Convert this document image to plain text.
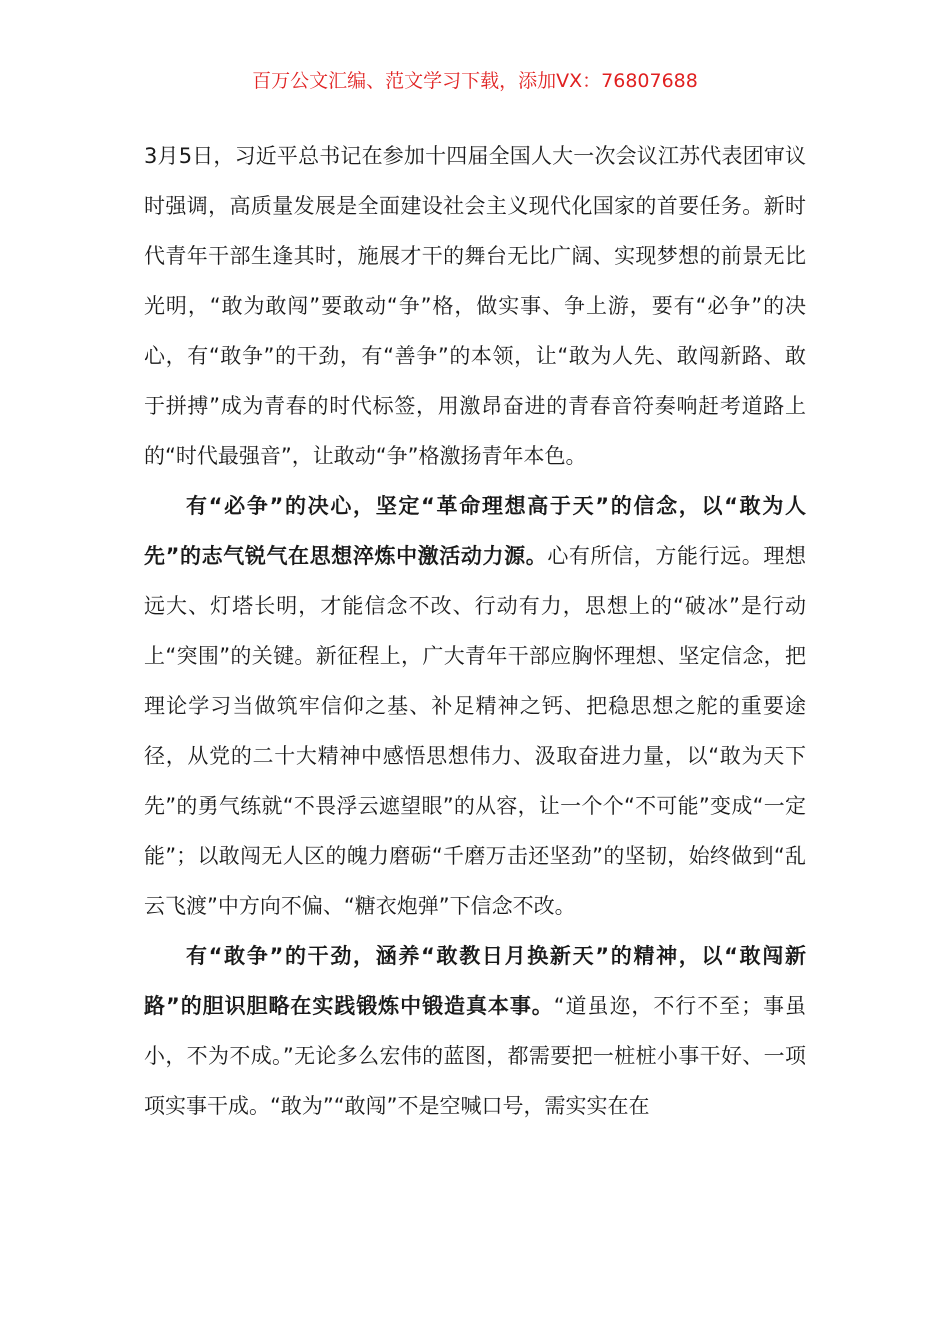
百万公文汇编、范文学习下载，添加VX：76807688

3月5日，习近平总书记在参加十四届全国人大一次会议江苏代表团审议时强调，高质量发展是全面建设社会主义现代化国家的首要任务。新时代青年干部生逢其时，施展才干的舞台无比广阔、实现梦想的前景无比光明，“敢为敢闯”要敢动“争”格，做实事、争上游，要有“必争”的决心，有“敢争”的干劲，有“善争”的本领，让“敢为人先、敢闯新路、敢于拼搏”成为青春的时代标签，用激昂奋进的青春音符奏响赶考道路上的“时代最强音”，让敢动“争”格激扬青年本色。

有“必争”的决心，坚定“革命理想高于天”的信念，以“敢为人先”的志气锐气在思想淬炼中激活动力源。心有所信，方能行远。理想远大、灯塔长明，才能信念不改、行动有力，思想上的“破冰”是行动上“突围”的关键。新征程上，广大青年干部应胸怀理想、坚定信念，把理论学习当做筑牢信仰之基、补足精神之钙、把稳思想之舵的重要途径，从党的二十大精神中感悟思想伟力、汲取奋进力量，以“敢为天下先”的勇气练就“不畏浮云遮望眼”的从容，让一个个“不可能”变成“一定能”；以敢闯无人区的魄力磨砺“千磨万击还坚劲”的坚韧，始终做到“乱云飞渡”中方向不偏、“糖衣炮弹”下信念不改。

有“敢争”的干劲，涵养“敢教日月换新天”的精神，以“敢闯新路”的胆识胆略在实践锻炼中锻造真本事。“道虽迩，不行不至；事虽小，不为不成。”无论多么宏伟的蓝图，都需要把一桩桩小事干好、一项项实事干成。“敢为”“敢闯”不是空喊口号，需实实在在
